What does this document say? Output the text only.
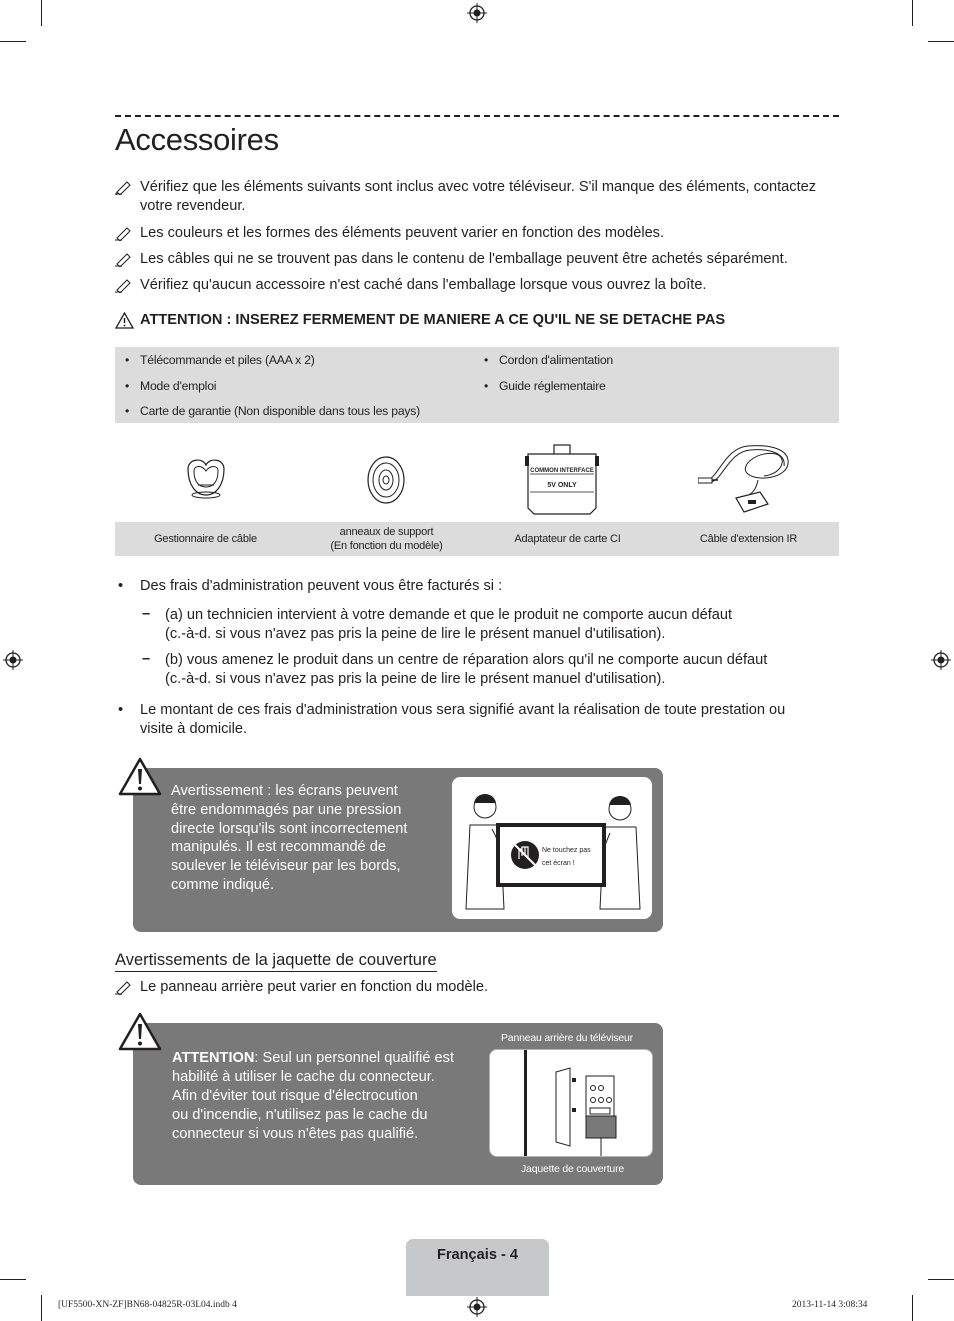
Accessoires
Vérifiez que les éléments suivants sont inclus avec votre téléviseur. S'il manque des éléments, contactez votre revendeur.
Les couleurs et les formes des éléments peuvent varier en fonction des modèles.
Les câbles qui ne se trouvent pas dans le contenu de l'emballage peuvent être achetés séparément.
Vérifiez qu'aucun accessoire n'est caché dans l'emballage lorsque vous ouvrez la boîte.
ATTENTION : INSEREZ FERMEMENT DE MANIERE A CE QU'IL NE SE DETACHE PAS
• Télécommande et piles (AAA x 2)
• Mode d'emploi
• Carte de garantie (Non disponible dans tous les pays)
• Cordon d'alimentation
• Guide réglementaire
COMMON INTERFACE
5V ONLY
Gestionnaire de câble
anneaux de support
(En fonction du modèle)
Adaptateur de carte CI	Câble d'extension IR
• Des frais d'administration peuvent vous être facturés si :
– (a) un technicien intervient à votre demande et que le produit ne comporte aucun défaut
(c.-à-d. si vous n'avez pas pris la peine de lire le présent manuel d'utilisation).
– (b) vous amenez le produit dans un centre de réparation alors qu'il ne comporte aucun défaut
(c.-à-d. si vous n'avez pas pris la peine de lire le présent manuel d'utilisation).
• Le montant de ces frais d'administration vous sera signifié avant la réalisation de toute prestation ou
visite à domicile.
Avertissement : les écrans peuvent
être endommagés par une pression
directe lorsqu'ils sont incorrectement
manipulés. Il est recommandé de
soulever le téléviseur par les bords,
comme indiqué.
Ne touchez pas
cet écran !
Avertissements de la jaquette de couverture
Le panneau arrière peut varier en fonction du modèle.
ATTENTION: Seul un personnel qualifié est
habilité à utiliser le cache du connecteur.
Afin d'éviter tout risque d'électrocution
ou d'incendie, n'utilisez pas le cache du
connecteur si vous n'êtes pas qualifié.
Panneau arrière du téléviseur
Jaquette de couverture
Français - 4
[UF5500-XN-ZF]BN68-04825R-03L04.indb 4	2013-11-14 3:08:34
